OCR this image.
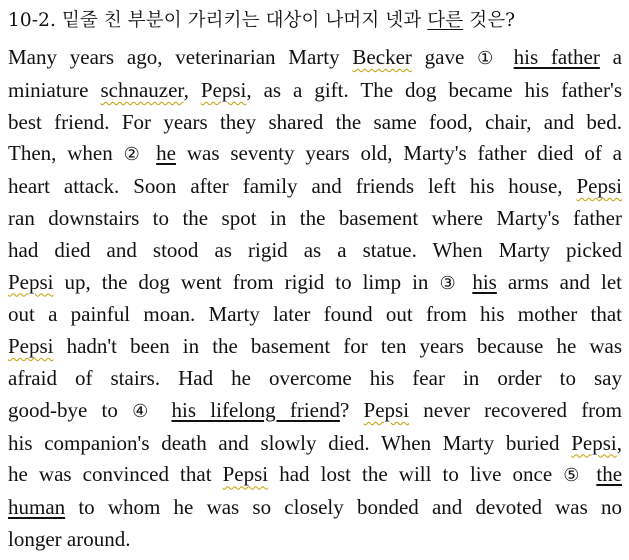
10-2. 밑줄 친 부분이 가리키는 대상이 나머지 넷과 다른 것은?
Many years ago, veterinarian Marty Becker gave ① his father a
miniature schnauzer, Pepsi, as a gift. The dog became his father's
best friend. For years they shared the same food, chair, and bed.
Then, when ② he was seventy years old, Marty's father died of a
heart attack. Soon after family and friends left his house, Pepsi
ran downstairs to the spot in the basement where Marty's father
had died and stood as rigid as a statue. When Marty picked
Pepsi up, the dog went from rigid to limp in ③ his arms and let
out a painful moan. Marty later found out from his mother that
Pepsi hadn't been in the basement for ten years because he was
afraid of stairs. Had he overcome his fear in order to say
good-bye to ④ his lifelong friend? Pepsi never recovered from
his companion's death and slowly died. When Marty buried Pepsi,
he was convinced that Pepsi had lost the will to live once ⑤ the
human to whom he was so closely bonded and devoted was no
longer around.
